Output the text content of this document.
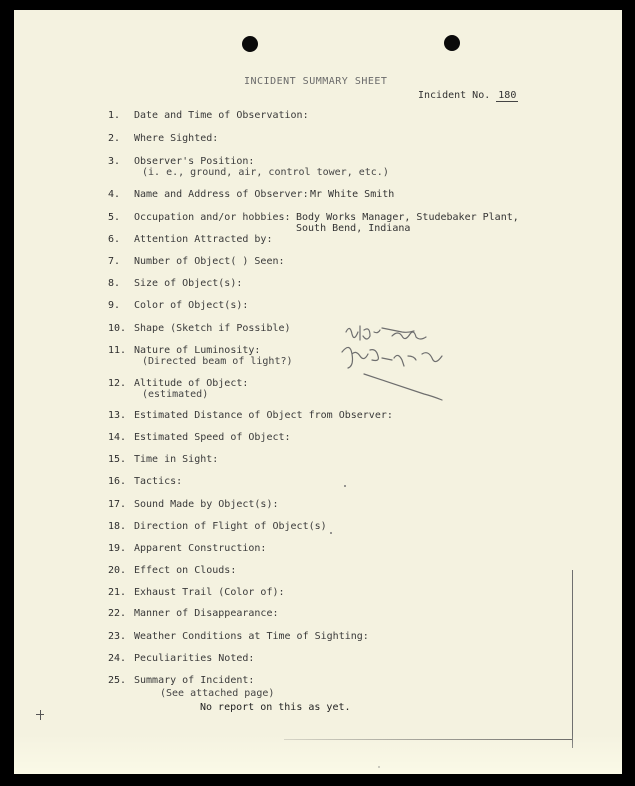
INCIDENT SUMMARY SHEET
Incident No. 180
1.	Date and Time of Observation:
2.	Where Sighted:
3.	Observer's Position:
(i. e., ground, air, control tower, etc.)
4.	Name and Address of Observer: Mr White Smith
5.	Occupation and/or hobbies: Body Works Manager, Studebaker Plant,
South Bend, Indiana
6.	Attention Attracted by:
7.	Number of Object( ) Seen:
8.	Size of Object(s):
9.	Color of Object(s):
10. Shape (Sketch if Possible)
11. Nature of Luminosity:
(Directed beam of light?)
12. Altitude of Object:
(estimated)
13. Estimated Distance of Object from Observer:
14. Estimated Speed of Object:
15. Time in Sight:
16. Tactics:
17. Sound Made by Object(s):
18. Direction of Flight of Object(s)
19. Apparent Construction:
20. Effect on Clouds:
21. Exhaust Trail (Color of):
22. Manner of Disappearance:
23. Weather Conditions at Time of Sighting:
24. Peculiarities Noted:
25. Summary of Incident:
(See attached page)
No report on this as yet.
